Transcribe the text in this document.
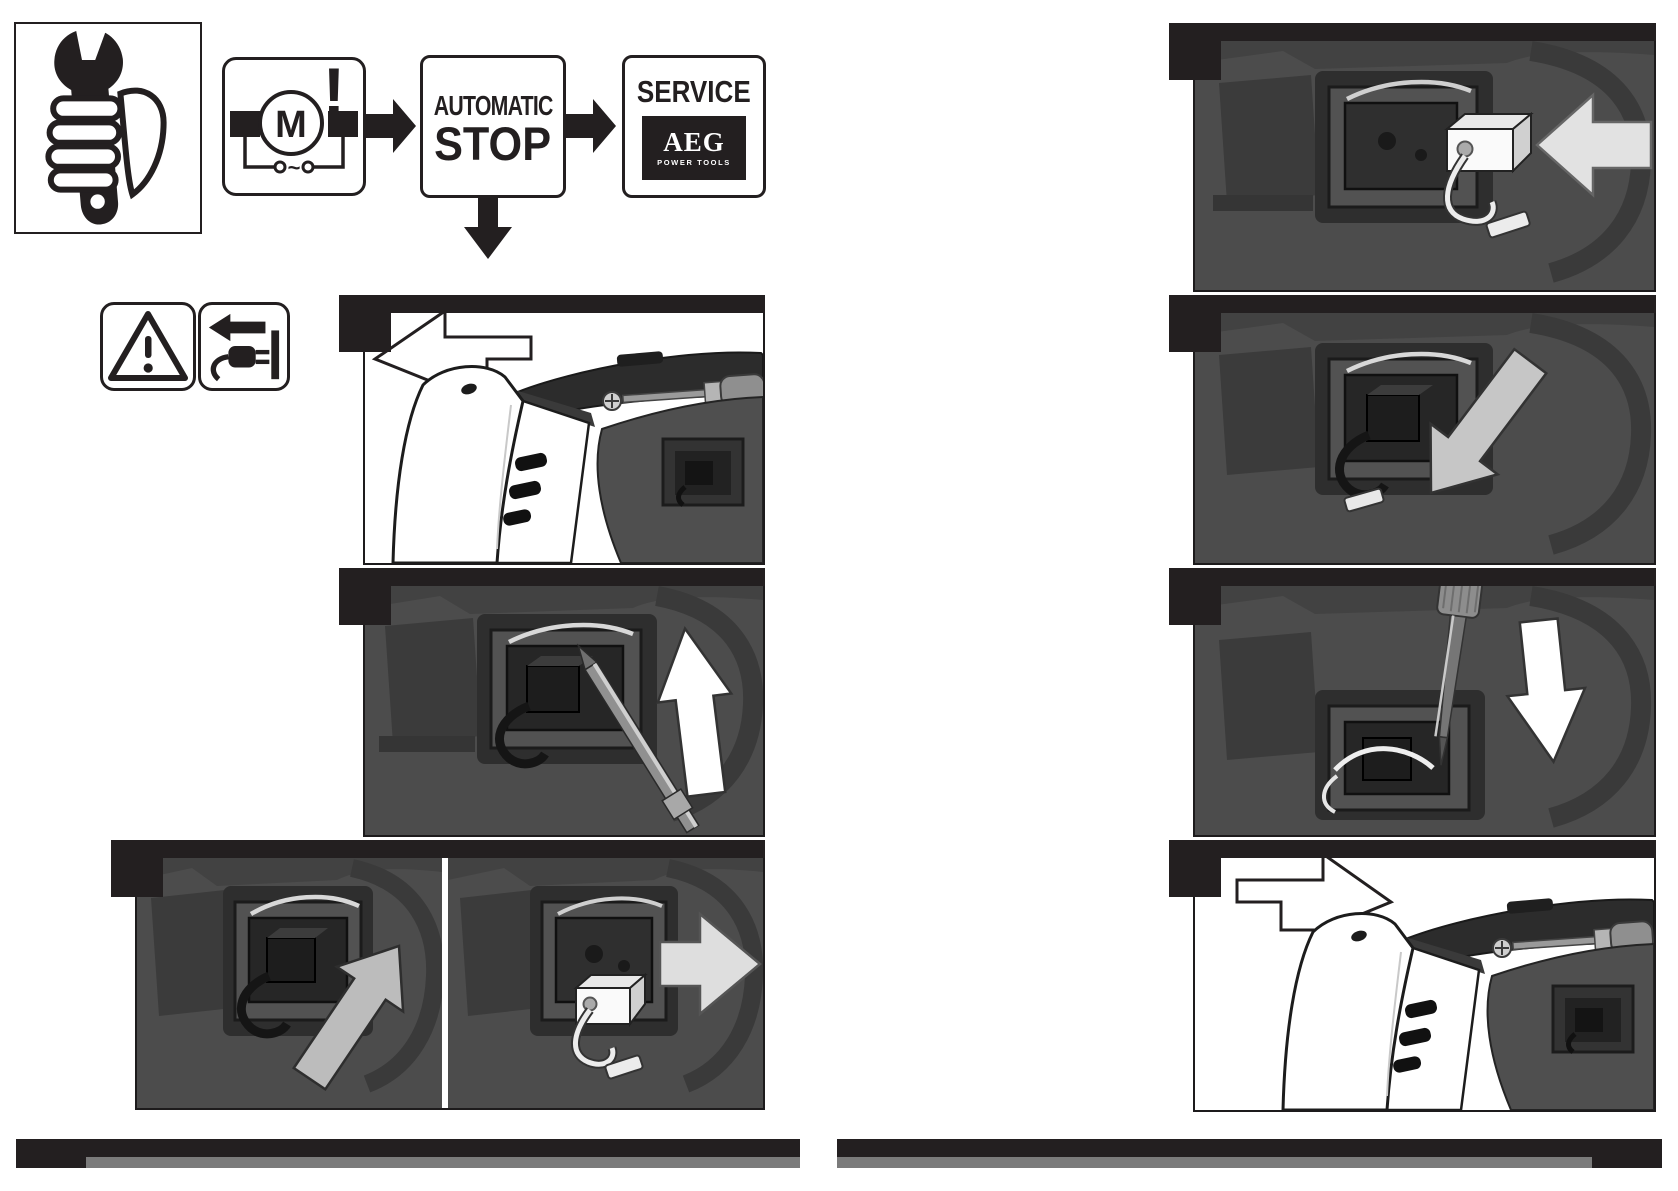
~
M !	AUTOMATIC
STOP
SERVICE
AEG
POWER TOOLS
